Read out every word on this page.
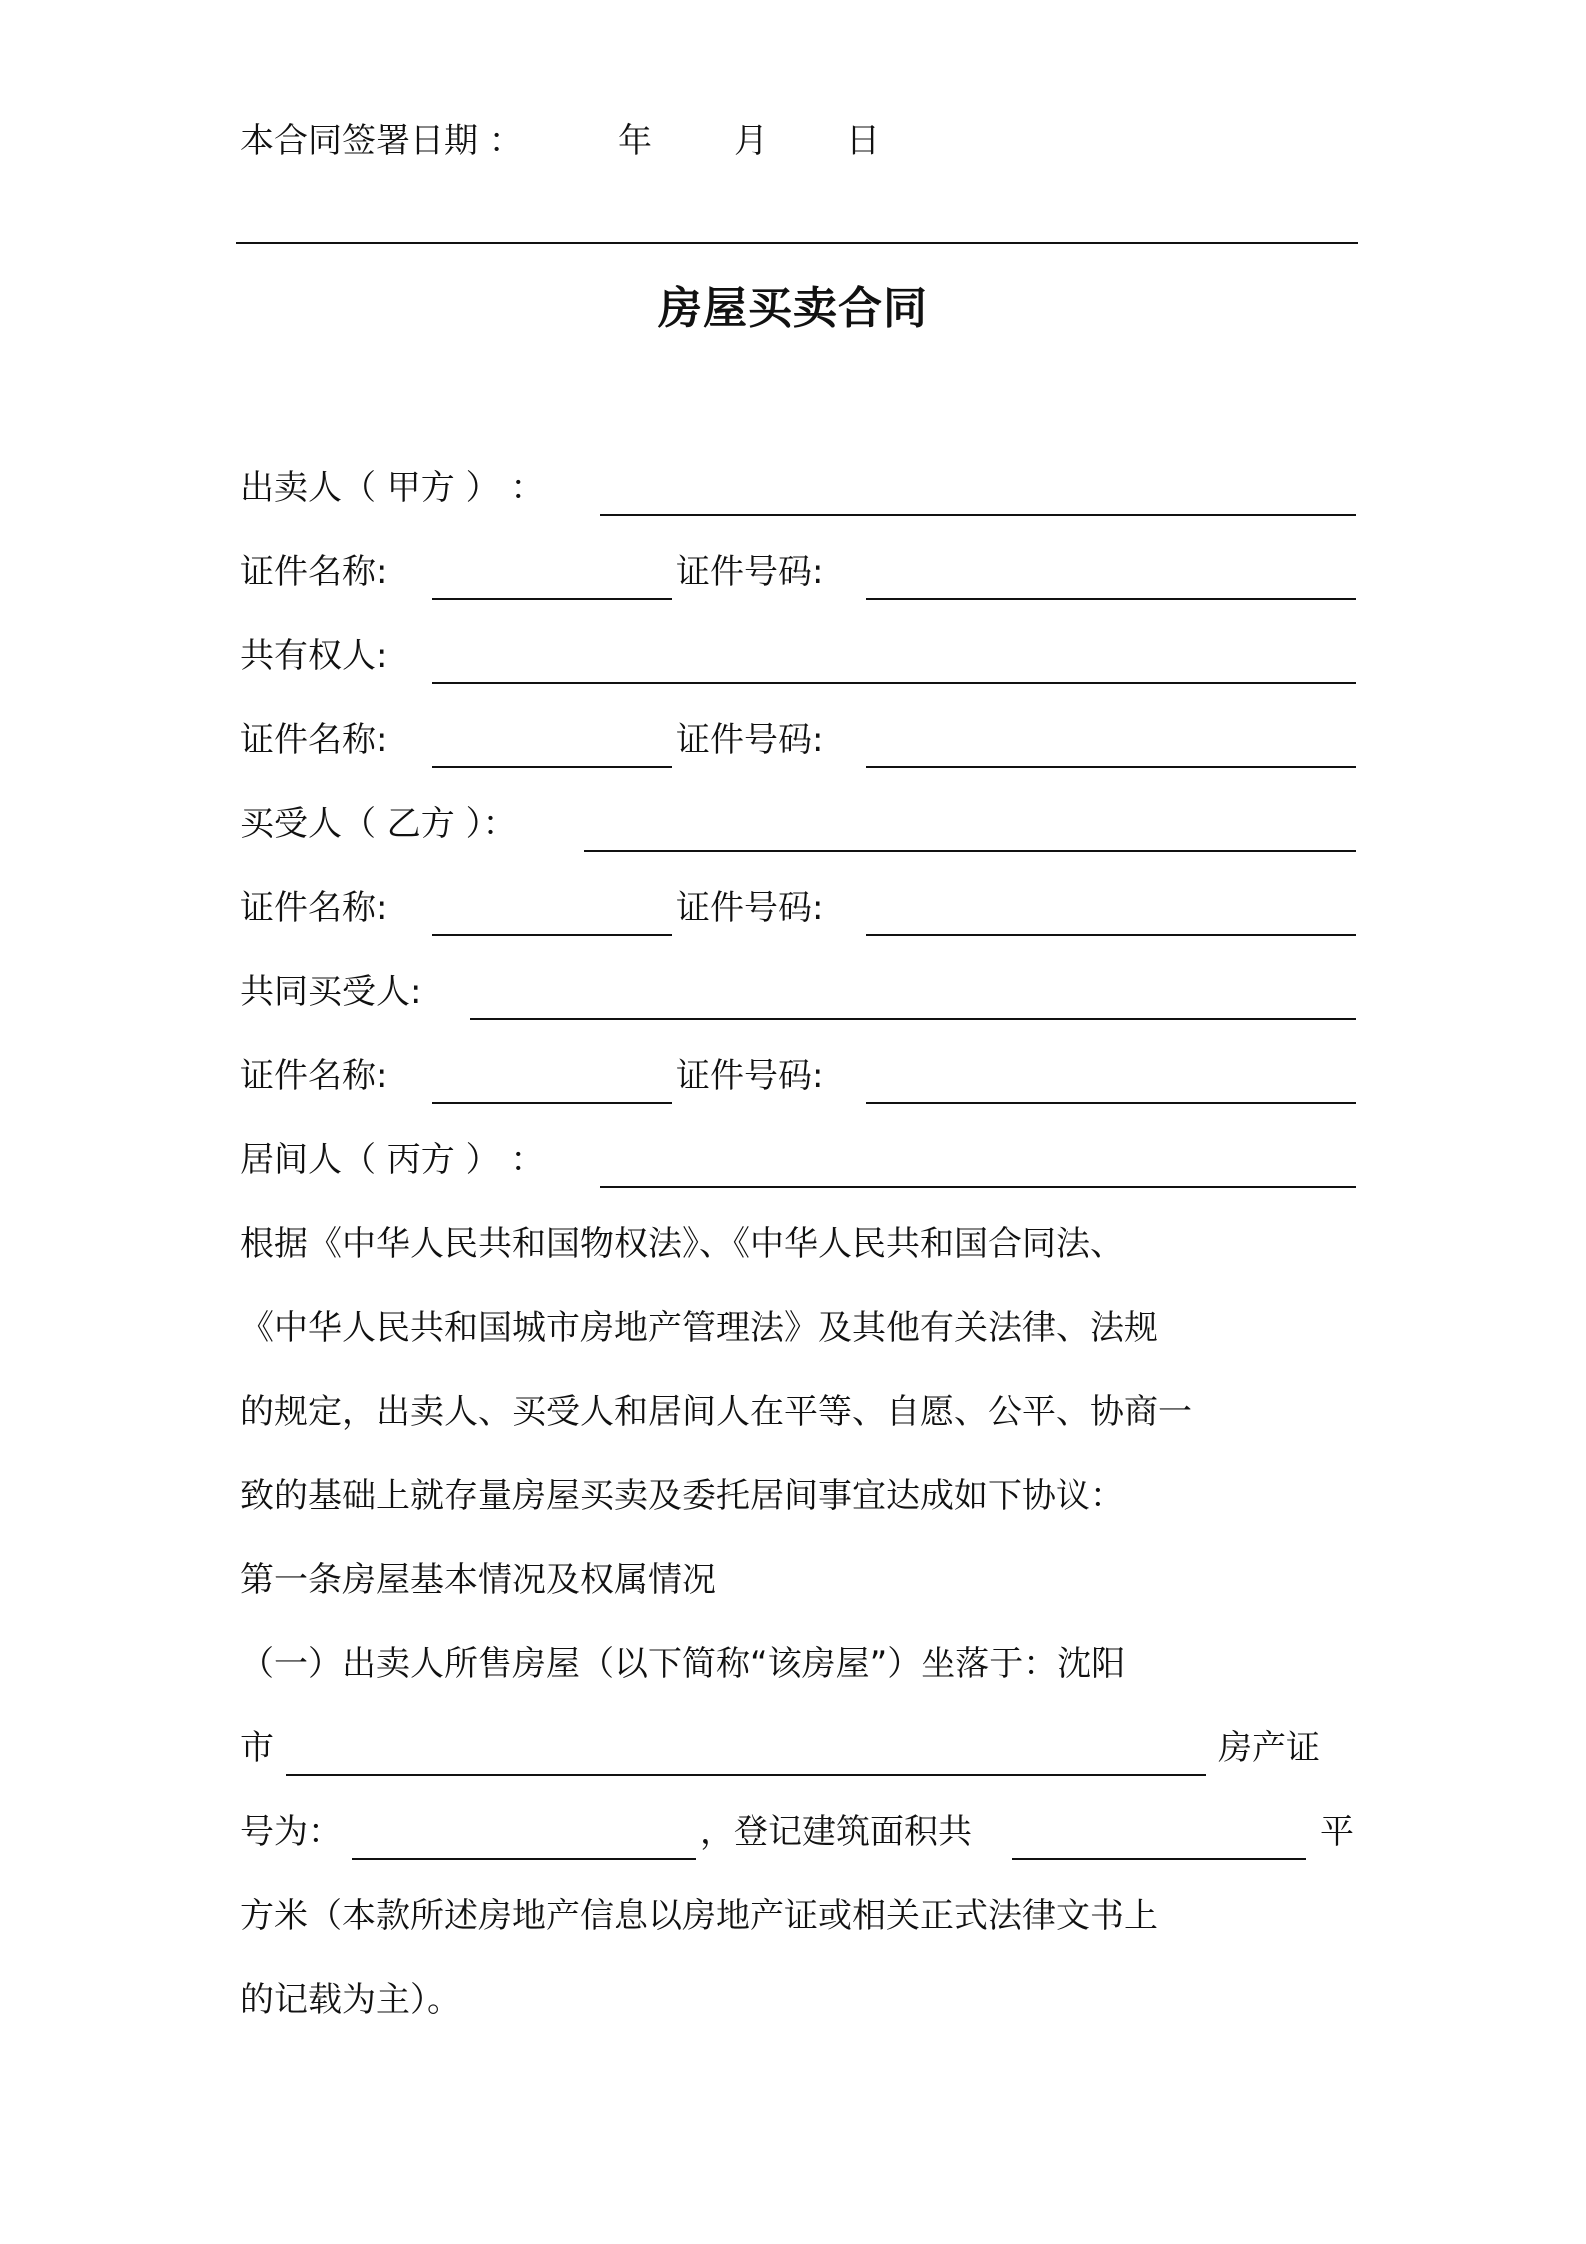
本合同签署日期 ：	年 月 日
房屋买卖合同
出卖人（ 甲方 ） ：
证件名称:	证件号码:
共有权人:
证件名称:	证件号码:
买受人（ 乙方 ）：
证件名称:	证件号码:
共同买受人:
证件名称:	证件号码:
居间人（ 丙方 ） ：
根据《中华人民共和国物权法》、《中华人民共和国合同法、
《中华人民共和国城市房地产管理法》及其他有关法律、法规
的规定，出卖人、买受人和居间人在平等、自愿、公平、协商一
致的基础上就存量房屋买卖及委托居间事宜达成如下协议：
第一条房屋基本情况及权属情况
（一）出卖人所售房屋（以下简称“该房屋”）坐落于：沈阳
市	房产证
号为：	，登记建筑面积共	平
方米（本款所述房地产信息以房地产证或相关正式法律文书上
的记载为主）。
